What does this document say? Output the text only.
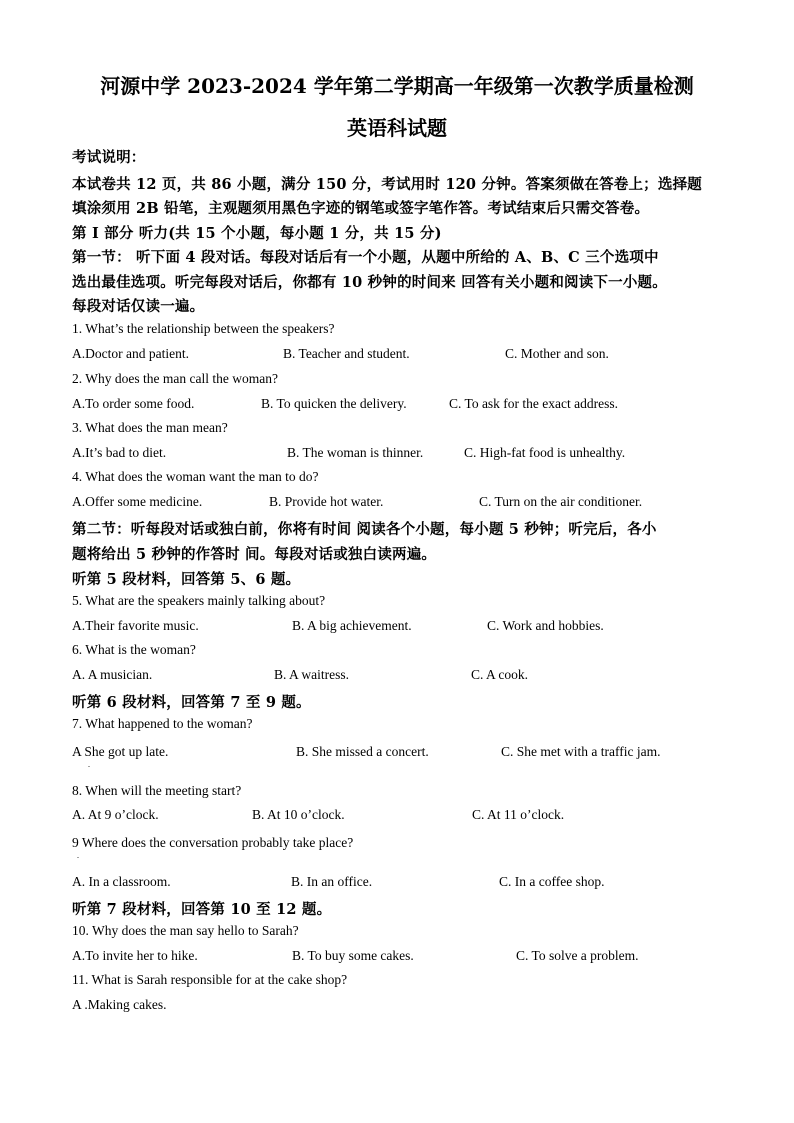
河源中学 2023-2024 学年第二学期高一年级第一次教学质量检测
英语科试题
考试说明：
本试卷共 12 页，共 86 小题，满分 150 分，考试用时 120 分钟。答案须做在答卷上；选择题
填涂须用 2B 铅笔，主观题须用黑色字迹的钢笔或签字笔作答。考试结束后只需交答卷。
第 I 部分 听力(共 15 个小题，每小题 1 分，共 15 分)
第一节： 听下面 4 段对话。每段对话后有一个小题，从题中所给的 A、B、C 三个选项中
选出最佳选项。听完每段对话后，你都有 10 秒钟的时间来 回答有关小题和阅读下一小题。
每段对话仅读一遍。
1. What’s the relationship between the speakers?
A.Doctor and patient.	B. Teacher and student.	C. Mother and son.
2. Why does the man call the woman?
A.To order some food.	B. To quicken the delivery.	C. To ask for the exact address.
3. What does the man mean?
A.It’s bad to diet.	B. The woman is thinner.	C. High-fat food is unhealthy.
4. What does the woman want the man to do?
A.Offer some medicine.	B. Provide hot water.	C. Turn on the air conditioner.
第二节：听每段对话或独白前，你将有时间 阅读各个小题，每小题 5 秒钟；听完后，各小
题将给出 5 秒钟的作答时 间。每段对话或独白读两遍。
听第 5 段材料，回答第 5、6 题。
5. What are the speakers mainly talking about?
A.Their favorite music.	B. A big achievement.	C. Work and hobbies.
6. What is the woman?
A. A musician.	B. A waitress.	C. A cook.
听第 6 段材料，回答第 7 至 9 题。
7. What happened to the woman?
A She got up late.	B. She missed a concert.	C. She met with a traffic jam.
.
8. When will the meeting start?
A. At 9 o’clock.	B. At 10 o’clock.	C. At 11 o’clock.
9 Where does the conversation probably take place?
.
A. In a classroom.	B. In an office.	C. In a coffee shop.
听第 7 段材料，回答第 10 至 12 题。
10. Why does the man say hello to Sarah?
A.To invite her to hike.	B. To buy some cakes.	C. To solve a problem.
11. What is Sarah responsible for at the cake shop?
A .Making cakes.
